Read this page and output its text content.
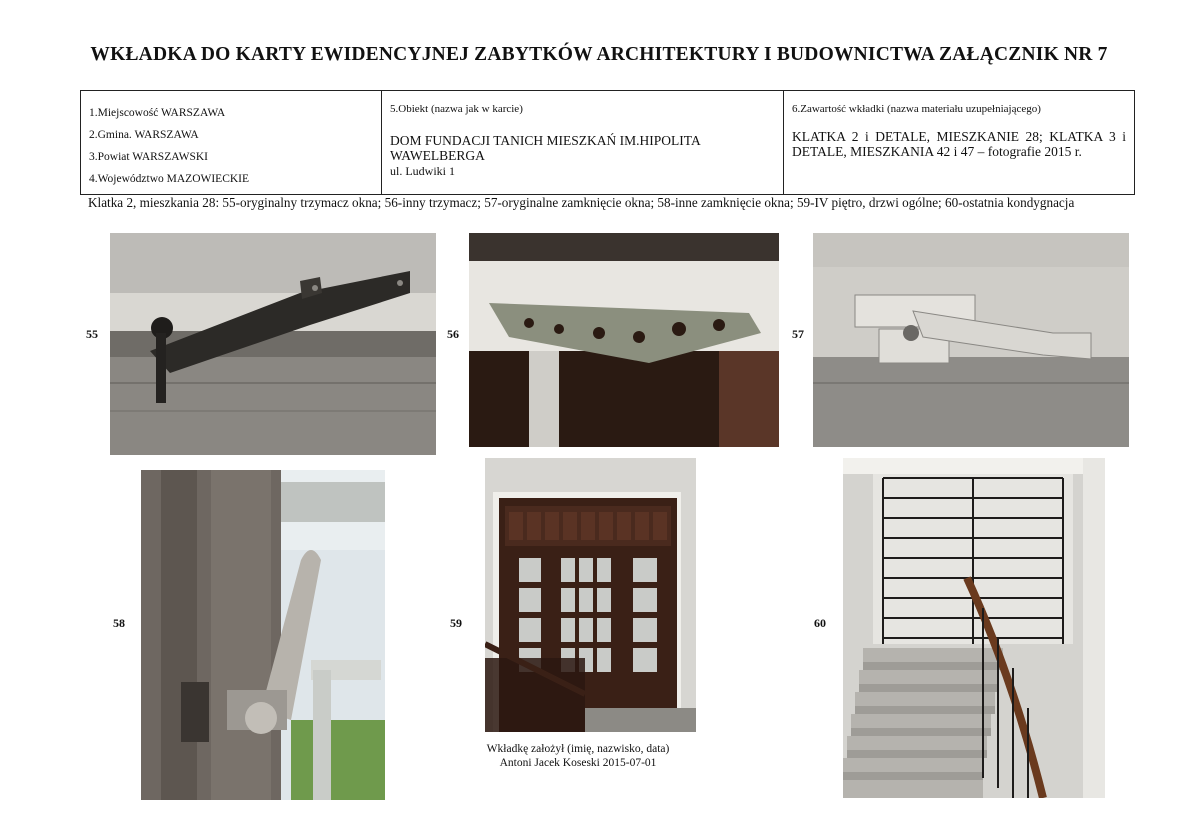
WKŁADKA DO KARTY EWIDENCYJNEJ ZABYTKÓW ARCHITEKTURY I BUDOWNICTWA ZAŁĄCZNIK NR 7
1.Miejscowość WARSZAWA
2.Gmina. WARSZAWA
3.Powiat WARSZAWSKI
4.Województwo MAZOWIECKIE
5.Obiekt (nazwa jak w karcie)
DOM FUNDACJI TANICH MIESZKAŃ IM.HIPOLITA WAWELBERGA
ul. Ludwiki 1
6.Zawartość wkładki (nazwa materiału uzupełniającego)
KLATKA 2 i DETALE, MIESZKANIE 28; KLATKA 3 i DETALE, MIESZKANIA 42 i 47 – fotografie 2015 r.
Klatka 2, mieszkania 28: 55-oryginalny trzymacz okna; 56-inny trzymacz; 57-oryginalne zamknięcie okna; 58-inne zamknięcie okna; 59-IV piętro, drzwi ogólne; 60-ostatnia kondygnacja
55	56	57
58	59	60
Wkładkę założył (imię, nazwisko, data)
Antoni Jacek Koseski 2015-07-01
